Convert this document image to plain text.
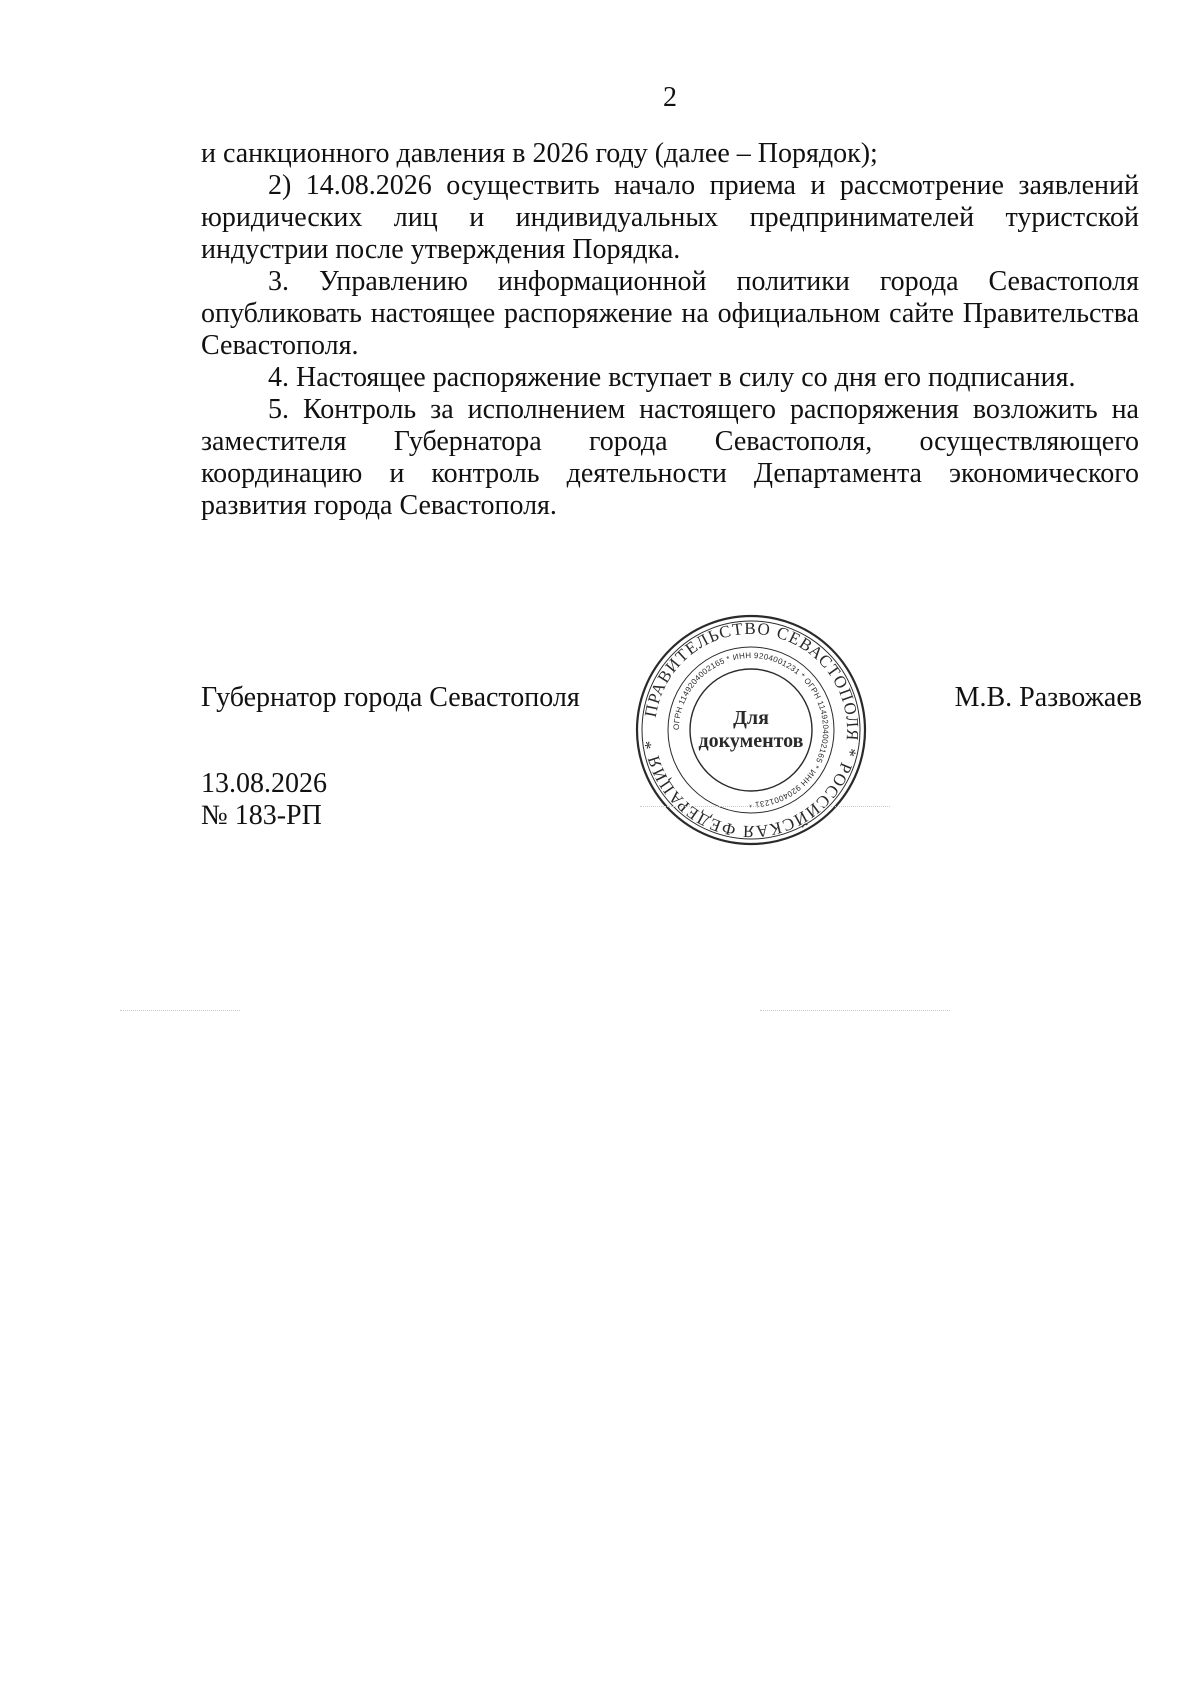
2

и санкционного давления в 2026 году (далее – Порядок);

2) 14.08.2026 осуществить начало приема и рассмотрение заявлений юридических лиц и индивидуальных предпринимателей туристской индустрии после утверждения Порядка.

3. Управлению информационной политики города Севастополя опубликовать настоящее распоряжение на официальном сайте Правительства Севастополя.

4. Настоящее распоряжение вступает в силу со дня его подписания.

5. Контроль за исполнением настоящего распоряжения возложить на заместителя Губернатора города Севастополя, осуществляющего координацию и контроль деятельности Департамента экономического развития города Севастополя.

Губернатор города Севастополя	М.В. Развожаев
ПРАВИТЕЛЬСТВО СЕВАСТОПОЛЯ * РОССИЙСКАЯ ФЕДЕРАЦИЯ *
ОГРН 1149204002165 * ИНН 9204001231 * ОГРН 1149204002165 * ИНН 9204001231 *
Для
документов
13.08.2026
№ 183-РП
